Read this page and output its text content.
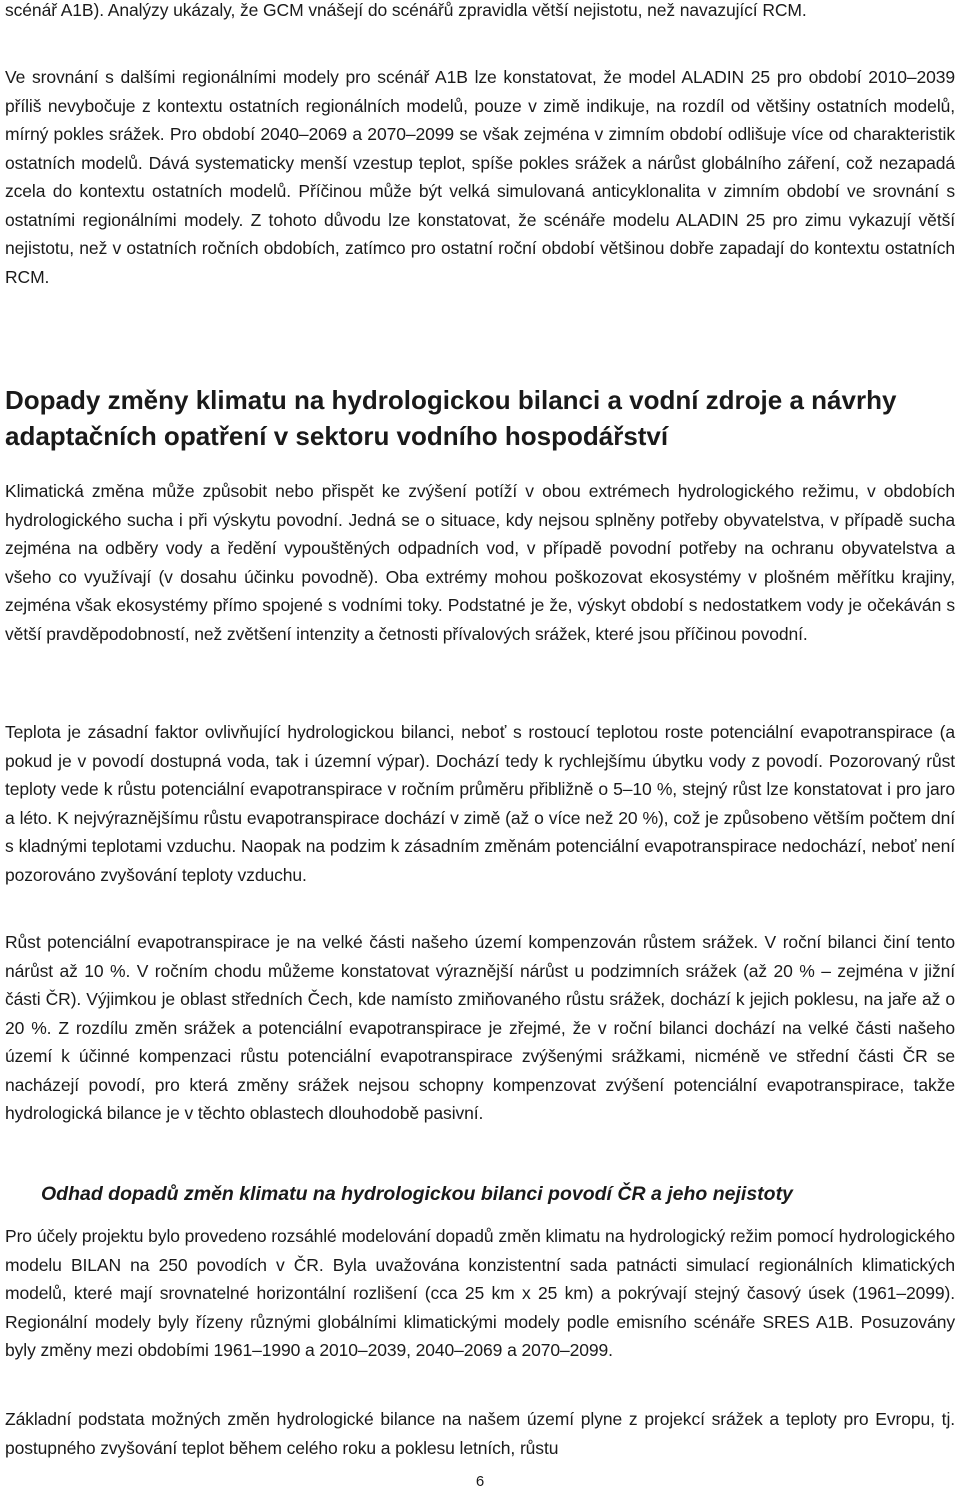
scénář A1B). Analýzy ukázaly, že GCM vnášejí do scénářů zpravidla větší nejistotu, než navazující RCM.

Ve srovnání s dalšími regionálními modely pro scénář A1B lze konstatovat, že model ALADIN 25 pro období 2010–2039 příliš nevybočuje z kontextu ostatních regionálních modelů, pouze v zimě indikuje, na rozdíl od většiny ostatních modelů, mírný pokles srážek. Pro období 2040–2069 a 2070–2099 se však zejména v zimním období odlišuje více od charakteristik ostatních modelů. Dává systematicky menší vzestup teplot, spíše pokles srážek a nárůst globálního záření, což nezapadá zcela do kontextu ostatních modelů. Příčinou může být velká simulovaná anticyklonalita v zimním období ve srovnání s ostatními regionálními modely. Z tohoto důvodu lze konstatovat, že scénáře modelu ALADIN 25 pro zimu vykazují větší nejistotu, než v ostatních ročních obdobích, zatímco pro ostatní roční období většinou dobře zapadají do kontextu ostatních RCM.

Dopady změny klimatu na hydrologickou bilanci a vodní zdroje a návrhy adaptačních opatření v sektoru vodního hospodářství

Klimatická změna může způsobit nebo přispět ke zvýšení potíží v obou extrémech hydrologického režimu, v obdobích hydrologického sucha i při výskytu povodní. Jedná se o situace, kdy nejsou splněny potřeby obyvatelstva, v případě sucha zejména na odběry vody a ředění vypouštěných odpadních vod, v případě povodní potřeby na ochranu obyvatelstva a všeho co využívají (v dosahu účinku povodně). Oba extrémy mohou poškozovat ekosystémy v plošném měřítku krajiny, zejména však ekosystémy přímo spojené s vodními toky. Podstatné je že, výskyt období s nedostatkem vody je očekáván s větší pravděpodobností, než zvětšení intenzity a četnosti přívalových srážek, které jsou příčinou povodní.

Teplota je zásadní faktor ovlivňující hydrologickou bilanci, neboť s rostoucí teplotou roste potenciální evapotranspirace (a pokud je v povodí dostupná voda, tak i územní výpar). Dochází tedy k rychlejšímu úbytku vody z povodí. Pozorovaný růst teploty vede k růstu potenciální evapotranspirace v ročním průměru přibližně o 5–10 %, stejný růst lze konstatovat i pro jaro a léto. K nejvýraznějšímu růstu evapotranspirace dochází v zimě (až o více než 20 %), což je způsobeno větším počtem dní s kladnými teplotami vzduchu. Naopak na podzim k zásadním změnám potenciální evapotranspirace nedochází, neboť není pozorováno zvyšování teploty vzduchu.

Růst potenciální evapotranspirace je na velké části našeho území kompenzován růstem srážek. V roční bilanci činí tento nárůst až 10 %. V ročním chodu můžeme konstatovat výraznější nárůst u podzimních srážek (až 20 % – zejména v jižní části ČR). Výjimkou je oblast středních Čech, kde namísto zmiňovaného růstu srážek, dochází k jejich poklesu, na jaře až o 20 %. Z rozdílu změn srážek a potenciální evapotranspirace je zřejmé, že v roční bilanci dochází na velké části našeho území k účinné kompenzaci růstu potenciální evapotranspirace zvýšenými srážkami, nicméně ve střední části ČR se nacházejí povodí, pro která změny srážek nejsou schopny kompenzovat zvýšení potenciální evapotranspirace, takže hydrologická bilance je v těchto oblastech dlouhodobě pasivní.

Odhad dopadů změn klimatu na hydrologickou bilanci povodí ČR a jeho nejistoty

Pro účely projektu bylo provedeno rozsáhlé modelování dopadů změn klimatu na hydrologický režim pomocí hydrologického modelu BILAN na 250 povodích v ČR. Byla uvažována konzistentní sada patnácti simulací regionálních klimatických modelů, které mají srovnatelné horizontální rozlišení (cca 25 km x 25 km) a pokrývají stejný časový úsek (1961–2099). Regionální modely byly řízeny různými globálními klimatickými modely podle emisního scénáře SRES A1B. Posuzovány byly změny mezi obdobími 1961–1990 a 2010–2039, 2040–2069 a 2070–2099.

Základní podstata možných změn hydrologické bilance na našem území plyne z projekcí srážek a teploty pro Evropu, tj. postupného zvyšování teplot během celého roku a poklesu letních, růstu

6
